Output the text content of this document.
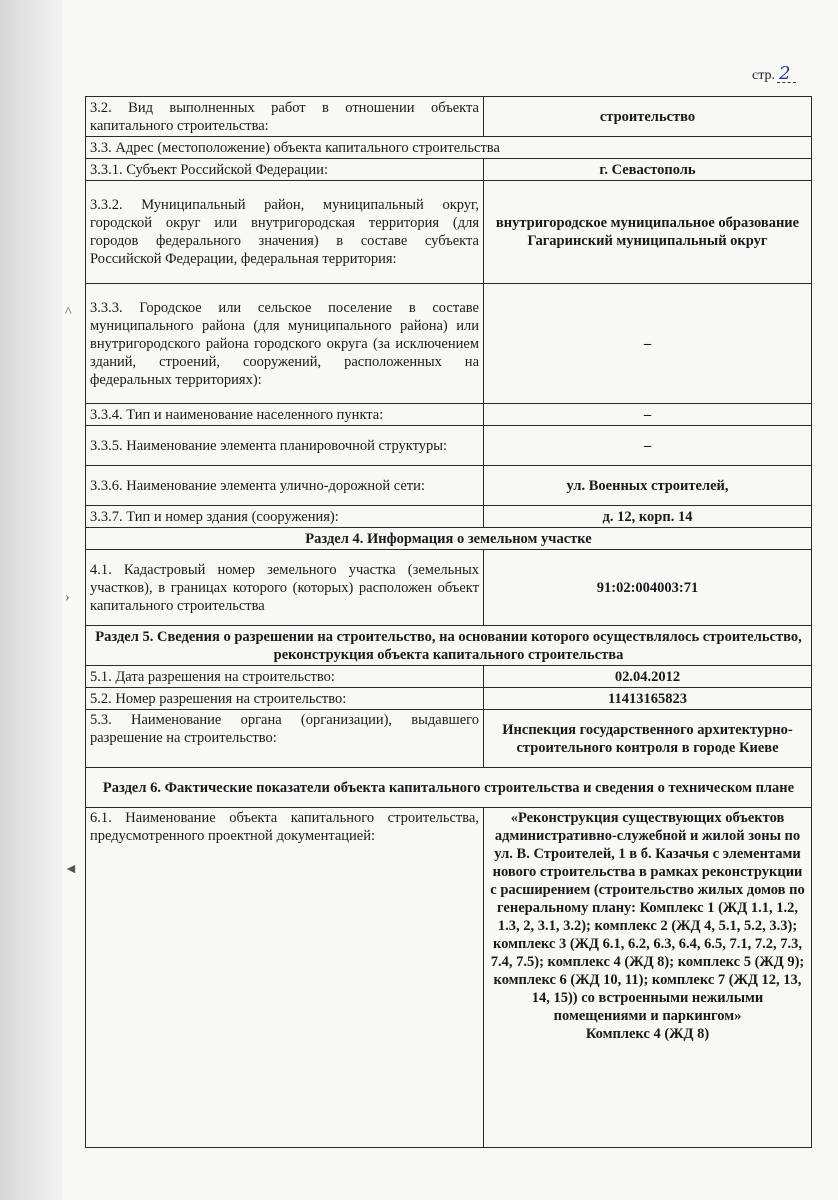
стр. 2
^
›
◄
3.2. Вид выполненных работ в отношении объекта капитального строительства:	строительство
3.3. Адрес (местоположение) объекта капитального строительства	
3.3.1. Субъект Российской Федерации:	г. Севастополь
3.3.2. Муниципальный район, муниципальный округ, городской округ или внутригородская территория (для городов федерального значения) в составе субъекта Российской Федерации, федеральная территория:	внутригородское муниципальное образование Гагаринский муниципальный округ
3.3.3. Городское или сельское поселение в составе муниципального района (для муниципального района) или внутригородского района городского округа (за исключением зданий, строений, сооружений, расположенных на федеральных территориях):	–
3.3.4. Тип и наименование населенного пункта:	–
3.3.5. Наименование элемента планировочной структуры:	–
3.3.6. Наименование элемента улично-дорожной сети:	ул. Военных строителей,
3.3.7. Тип и номер здания (сооружения):	д. 12, корп. 14
Раздел 4. Информация о земельном участке	
4.1. Кадастровый номер земельного участка (земельных участков), в границах которого (которых) расположен объект капитального строительства	91:02:004003:71
Раздел 5. Сведения о разрешении на строительство, на основании которого осуществлялось строительство, реконструкция объекта капитального строительства	
5.1. Дата разрешения на строительство:	02.04.2012
5.2. Номер разрешения на строительство:	11413165823
5.3. Наименование органа (организации), выдавшего разрешение на строительство:	Инспекция государственного архитектурно-строительного контроля в городе Киеве
Раздел 6. Фактические показатели объекта капитального строительства и сведения о техническом плане	
6.1. Наименование объекта капитального строительства, предусмотренного проектной документацией:	«Реконструкция существующих объектов административно-служебной и жилой зоны по ул. В. Строителей, 1 в б. Казачья с элементами нового строительства в рамках реконструкции с расширением (строительство жилых домов по генеральному плану: Комплекс 1 (ЖД 1.1, 1.2, 1.3, 2, 3.1, 3.2); комплекс 2 (ЖД 4, 5.1, 5.2, 3.3); комплекс 3 (ЖД 6.1, 6.2, 6.3, 6.4, 6.5, 7.1, 7.2, 7.3, 7.4, 7.5); комплекс 4 (ЖД 8); комплекс 5 (ЖД 9); комплекс 6 (ЖД 10, 11); комплекс 7 (ЖД 12, 13, 14, 15)) со встроенными нежилыми помещениями и паркингом»
Комплекс 4 (ЖД 8)
